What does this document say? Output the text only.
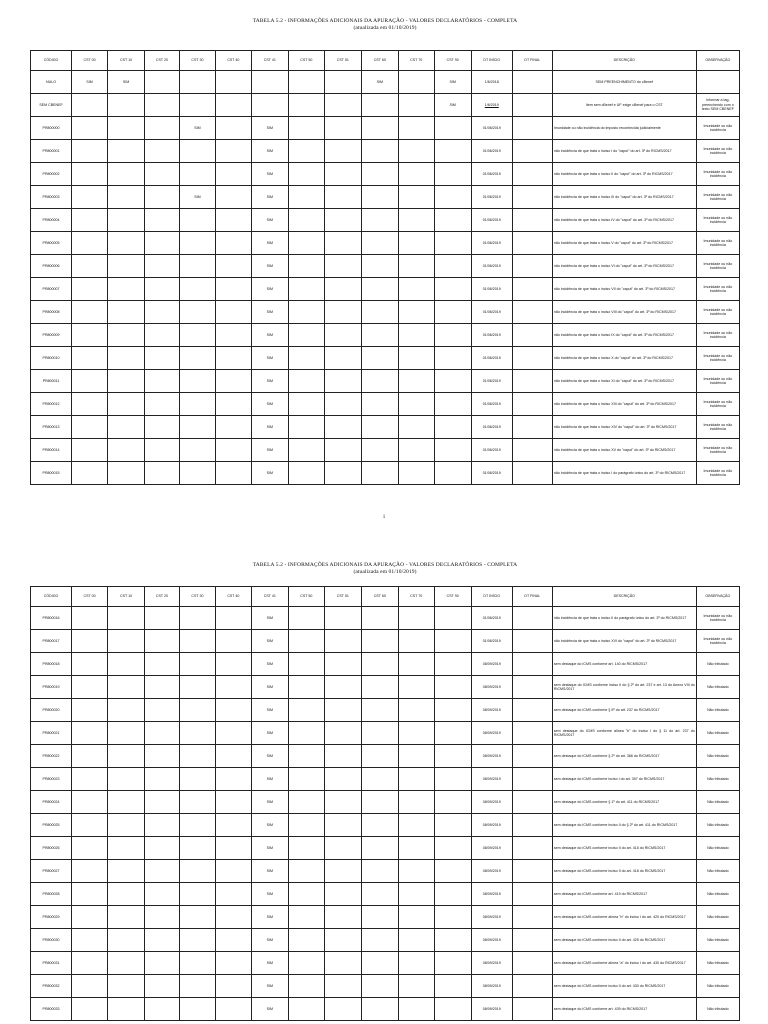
TABELA 5.2 - INFORMAÇÕES ADICIONAIS DA APURAÇÃO - VALORES DECLARATÓRIOS - COMPLETA
(atualizada em 01/10/2019)
CÓDIGO	CST 00	CST 10	CST 20	CST 30	CST 40	CST 41	CST 50	CST 51	CST 60	CST 70	CST 90	DT INÍCIO	DT FINAL	DESCRIÇÃO	OBSERVAÇÃO
NULO	SIM	SIM							SIM		SIM	1/6/2018		SEM PREENCHIMENTO do cBenef	
SEM CBENEF											SIM	1/6/2019		Item sem cBenef e UF exige cBenef para o CST	Informar a tag, preenchendo com o texto SEM CBENEF
PR800000				SIM		SIM						01/06/2019		Imunidade ou não incidência do imposto reconhecida judicialmente	Imunidade ou não incidência
PR800001						SIM						01/06/2019		não incidência de que trata o inciso I do "caput" do art. 3º do RICMS/2017	Imunidade ou não incidência
PR800002						SIM						01/06/2019		não incidência de que trata o inciso II do "caput" do art. 3º do RICMS/2017	Imunidade ou não incidência
PR800003				SIM		SIM						01/06/2019		não incidência de que trata o inciso III do "caput" do art. 3º do RICMS/2017	Imunidade ou não incidência
PR800004						SIM						01/06/2019		não incidência de que trata o inciso IV do "caput" do art. 3º do RICMS/2017	Imunidade ou não incidência
PR800005						SIM						01/06/2019		não incidência de que trata o inciso V do "caput" do art. 3º do RICMS/2017	Imunidade ou não incidência
PR800006						SIM						01/06/2019		não incidência de que trata o inciso VI do "caput" do art. 3º do RICMS/2017	Imunidade ou não incidência
PR800007						SIM						01/06/2019		não incidência de que trata o inciso VII do "caput" do art. 3º do RICMS/2017	Imunidade ou não incidência
PR800008						SIM						01/06/2019		não incidência de que trata o inciso VIII do "caput" do art. 3º do RICMS/2017	Imunidade ou não incidência
PR800009						SIM						01/06/2019		não incidência de que trata o inciso IX do "caput" do art. 3º do RICMS/2017	Imunidade ou não incidência
PR800010						SIM						01/06/2019		não incidência de que trata o inciso X do "caput" do art. 3º do RICMS/2017	Imunidade ou não incidência
PR800011						SIM						01/06/2019		não incidência de que trata o inciso XI do "caput" do art. 3º do RICMS/2017	Imunidade ou não incidência
PR800012						SIM						01/06/2019		não incidência de que trata o inciso XIII do "caput" do art. 3º do RICMS/2017	Imunidade ou não incidência
PR800013						SIM						01/06/2019		não incidência de que trata o inciso XIV do "caput" do art. 3º do RICMS/2017	Imunidade ou não incidência
PR800014						SIM						01/06/2019		não incidência de que trata o inciso XV do "caput" do art. 3º do RICMS/2017	Imunidade ou não incidência
PR800015						SIM						01/06/2019		não incidência de que trata o inciso I do parágrafo único do art. 3º do RICMS/2017	Imunidade ou não incidência
1
TABELA 5.2 - INFORMAÇÕES ADICIONAIS DA APURAÇÃO - VALORES DECLARATÓRIOS - COMPLETA
(atualizada em 01/10/2019)
CÓDIGO	CST 00	CST 10	CST 20	CST 30	CST 40	CST 41	CST 50	CST 51	CST 60	CST 70	CST 90	DT INÍCIO	DT FINAL	DESCRIÇÃO	OBSERVAÇÃO
PR800016						SIM						01/06/2019		não incidência de que trata o inciso II do parágrafo único do art. 3º do RICMS/2017	Imunidade ou não incidência
PR800017						SIM						01/06/2019		não incidência de que trata o inciso XVI do "caput" do art. 3º do RICMS/2017	Imunidade ou não incidência
PR800018						SIM						08/09/2019		sem destaque do ICMS conforme art. 140 do RICMS/2017	Não tributado
PR800019						SIM						08/09/2019		sem destaque do ICMS conforme inciso II do § 2º do art. 237 e art. 13 do Anexo VIII do RICMS/2017	Não tributado
PR800020						SIM						08/09/2019		sem destaque do ICMS conforme § 5º do art. 237 do RICMS/2017	Não tributado
PR800021						SIM						08/09/2019		sem destaque do ICMS conforme alínea "b" do inciso I do § 11 do art. 237 do RICMS/2017	Não tributado
PR800022						SIM						08/09/2019		sem destaque do ICMS conforme § 2º do art. 366 do RICMS/2017	Não tributado
PR800023						SIM						08/09/2019		sem destaque do ICMS conforme inciso I do art. 397 do RICMS/2017	Não tributado
PR800024						SIM						08/09/2019		sem destaque do ICMS conforme § 1º do art. 411 do RICMS/2017	Não tributado
PR800025						SIM						08/09/2019		sem destaque do ICMS conforme inciso II do § 2º do art. 411 do RICMS/2017	Não tributado
PR800026						SIM						08/09/2019		sem destaque do ICMS conforme inciso II do art. 415 do RICMS/2017	Não tributado
PR800027						SIM						08/09/2019		sem destaque do ICMS conforme inciso II do art. 418 do RICMS/2017	Não tributado
PR800028						SIM						08/09/2019		sem destaque do ICMS conforme art. 419 do RICMS/2017	Não tributado
PR800029						SIM						08/09/2019		sem destaque do ICMS conforme alínea "b" do inciso I do art. 420 do RICMS/2017	Não tributado
PR800030						SIM						08/09/2019		sem destaque do ICMS conforme inciso II do art. 425 do RICMS/2017	Não tributado
PR800031						SIM						08/09/2019		sem destaque do ICMS conforme alínea "a" do inciso I do art. 430 do RICMS/2017	Não tributado
PR800032						SIM						08/09/2019		sem destaque do ICMS conforme inciso II do art. 430 do RICMS/2017	Não tributado
PR800033						SIM						08/09/2019		sem destaque do ICMS conforme art. 439 do RICMS/2017	Não tributado
